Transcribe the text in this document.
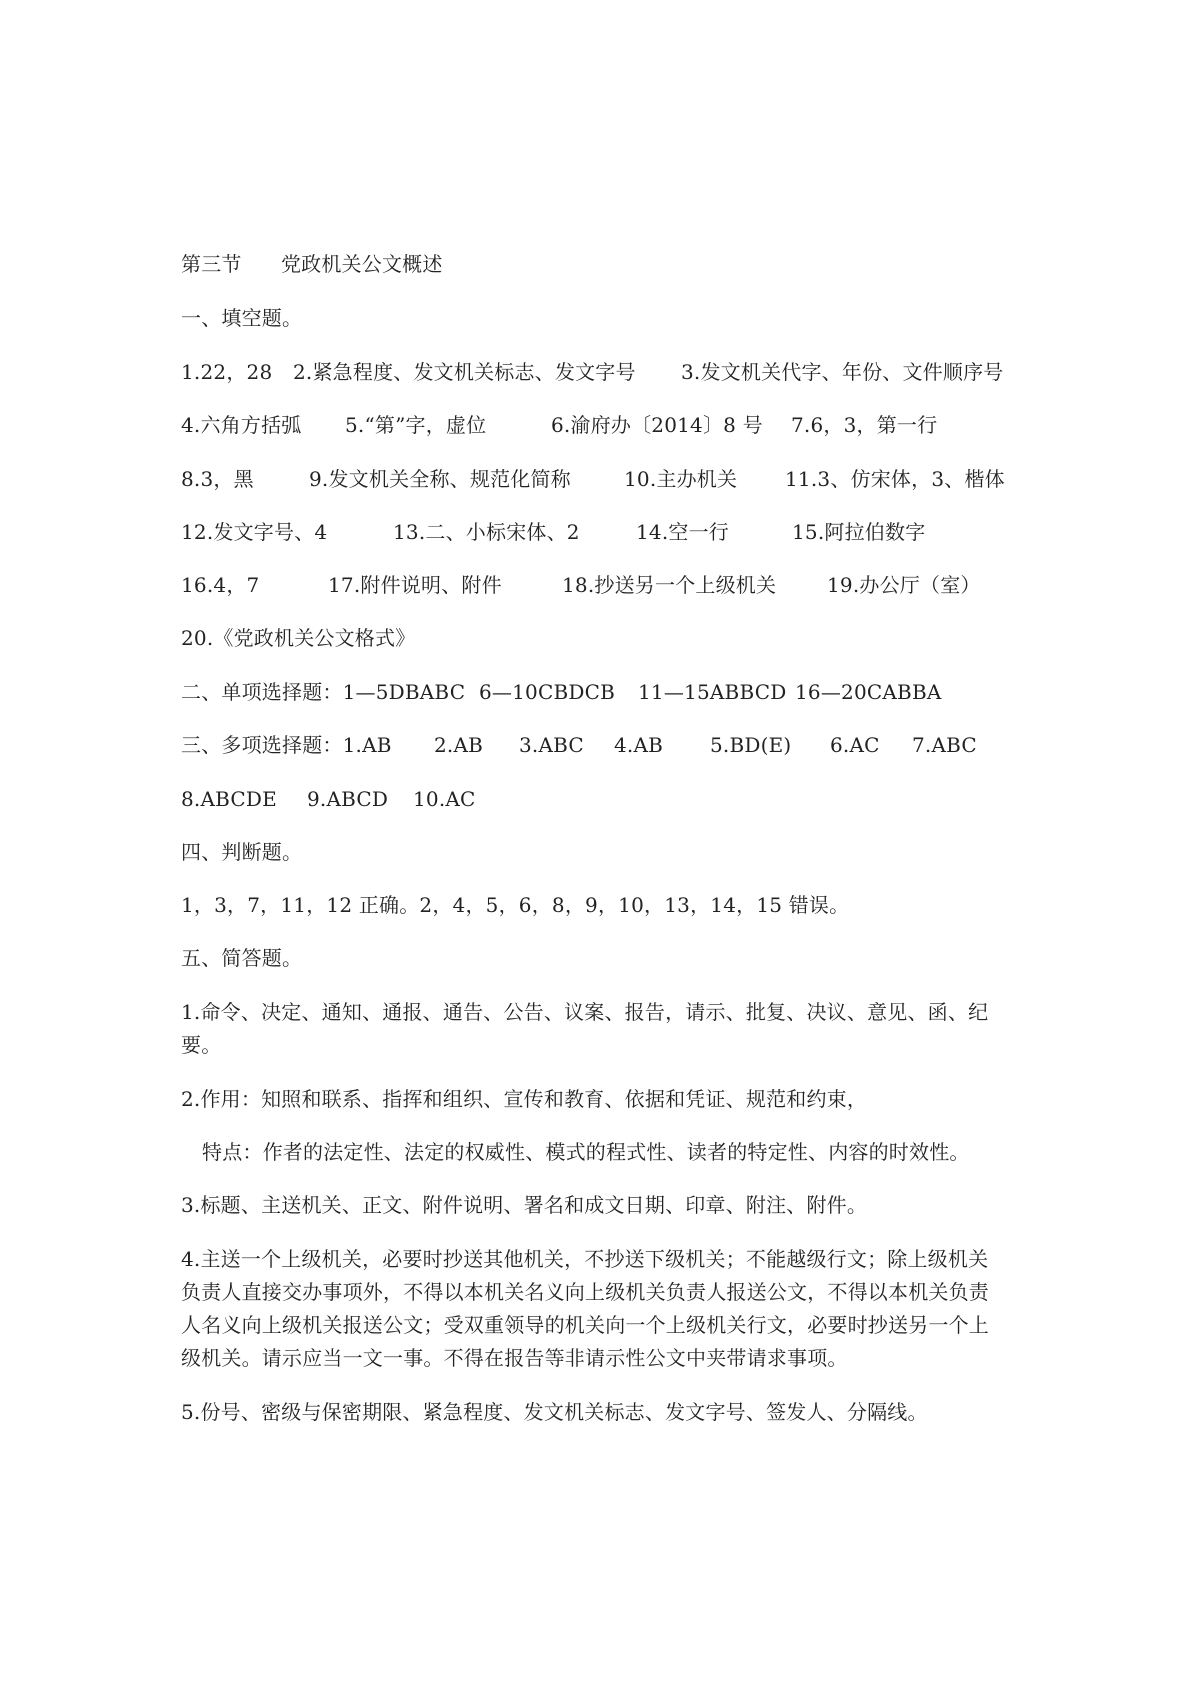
第三节      党政机关公文概述
一、填空题。

1.22，28

2.紧急程度、发文机关标志、发文字号

3.发文机关代字、年份、文件顺序号

4.六角方括弧

5.“第”字，虚位

	6.渝府办〔2014〕8 号

7.6，3，第一行

8.3，黑

	9.发文机关全称、规范化简称

	10.主办机关

11.3、仿宋体，3、楷体

12.发文字号、4

	13.二、小标宋体、2

	14.空一行

	15.阿拉伯数字

16.4，7

	17.附件说明、附件

	18.抄送另一个上级机关

	19.办公厅（室）

20.《党政机关公文格式》

二、单项选择题：1—5DBABC

6—10CBDCB

11—15ABBCD

16—20CABBA

三、多项选择题：1.AB

2.AB

3.ABC

4.AB

5.BD(E)

6.AC

7.ABC

8.ABCDE

9.ABCD

10.AC

四、判断题。
1，3，7，11，12 正确。2，4，5，6，8，9，10，13，14，15 错误。
五、简答题。
1.命令、决定、通知、通报、通告、公告、议案、报告，请示、批复、决议、意见、函、纪
要。
2.作用：知照和联系、指挥和组织、宣传和教育、依据和凭证、规范和约束，
特点：作者的法定性、法定的权威性、模式的程式性、读者的特定性、内容的时效性。
3.标题、主送机关、正文、附件说明、署名和成文日期、印章、附注、附件。
4.主送一个上级机关，必要时抄送其他机关，不抄送下级机关；不能越级行文；除上级机关
负责人直接交办事项外，不得以本机关名义向上级机关负责人报送公文，不得以本机关负责
人名义向上级机关报送公文；受双重领导的机关向一个上级机关行文，必要时抄送另一个上
级机关。请示应当一文一事。不得在报告等非请示性公文中夹带请求事项。
5.份号、密级与保密期限、紧急程度、发文机关标志、发文字号、签发人、分隔线。
